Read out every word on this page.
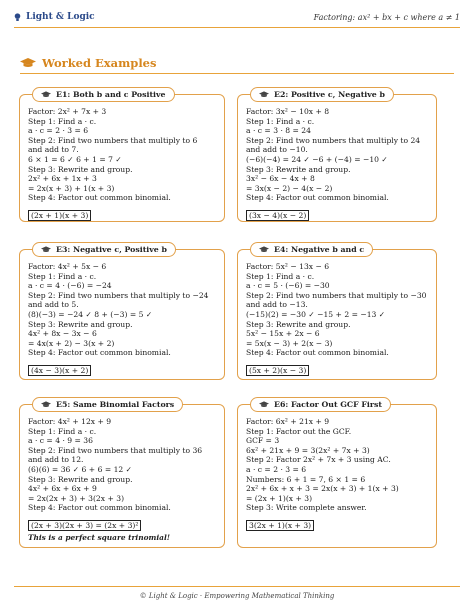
Light & Logic	Factoring: ax² + bx + c where a ≠ 1
Worked Examples
E1: Both b and c Positive
Factor: 2x² + 7x + 3
Step 1: Find a · c.
a · c = 2 · 3 = 6
Step 2: Find two numbers that multiply to 6
and add to 7.
6 × 1 = 6 ✓ 6 + 1 = 7 ✓
Step 3: Rewrite and group.
2x² + 6x + 1x + 3
= 2x(x + 3) + 1(x + 3)
Step 4: Factor out common binomial.
(2x + 1)(x + 3)
E2: Positive c, Negative b
Factor: 3x² − 10x + 8
Step 1: Find a · c.
a · c = 3 · 8 = 24
Step 2: Find two numbers that multiply to 24
and add to −10.
(−6)(−4) = 24 ✓ −6 + (−4) = −10 ✓
Step 3: Rewrite and group.
3x² − 6x − 4x + 8
= 3x(x − 2) − 4(x − 2)
Step 4: Factor out common binomial.
(3x − 4)(x − 2)
E3: Negative c, Positive b
Factor: 4x² + 5x − 6
Step 1: Find a · c.
a · c = 4 · (−6) = −24
Step 2: Find two numbers that multiply to −24
and add to 5.
(8)(−3) = −24 ✓ 8 + (−3) = 5 ✓
Step 3: Rewrite and group.
4x² + 8x − 3x − 6
= 4x(x + 2) − 3(x + 2)
Step 4: Factor out common binomial.
(4x − 3)(x + 2)
E4: Negative b and c
Factor: 5x² − 13x − 6
Step 1: Find a · c.
a · c = 5 · (−6) = −30
Step 2: Find two numbers that multiply to −30
and add to −13.
(−15)(2) = −30 ✓ −15 + 2 = −13 ✓
Step 3: Rewrite and group.
5x² − 15x + 2x − 6
= 5x(x − 3) + 2(x − 3)
Step 4: Factor out common binomial.
(5x + 2)(x − 3)
E5: Same Binomial Factors
Factor: 4x² + 12x + 9
Step 1: Find a · c.
a · c = 4 · 9 = 36
Step 2: Find two numbers that multiply to 36
and add to 12.
(6)(6) = 36 ✓ 6 + 6 = 12 ✓
Step 3: Rewrite and group.
4x² + 6x + 6x + 9
= 2x(2x + 3) + 3(2x + 3)
Step 4: Factor out common binomial.
(2x + 3)(2x + 3) = (2x + 3)²
This is a perfect square trinomial!
E6: Factor Out GCF First
Factor: 6x² + 21x + 9
Step 1: Factor out the GCF.
GCF = 3
6x² + 21x + 9 = 3(2x² + 7x + 3)
Step 2: Factor 2x² + 7x + 3 using AC.
a · c = 2 · 3 = 6
Numbers: 6 + 1 = 7, 6 × 1 = 6
2x² + 6x + x + 3 = 2x(x + 3) + 1(x + 3)
= (2x + 1)(x + 3)
Step 3: Write complete answer.
3(2x + 1)(x + 3)
© Light & Logic · Empowering Mathematical Thinking
